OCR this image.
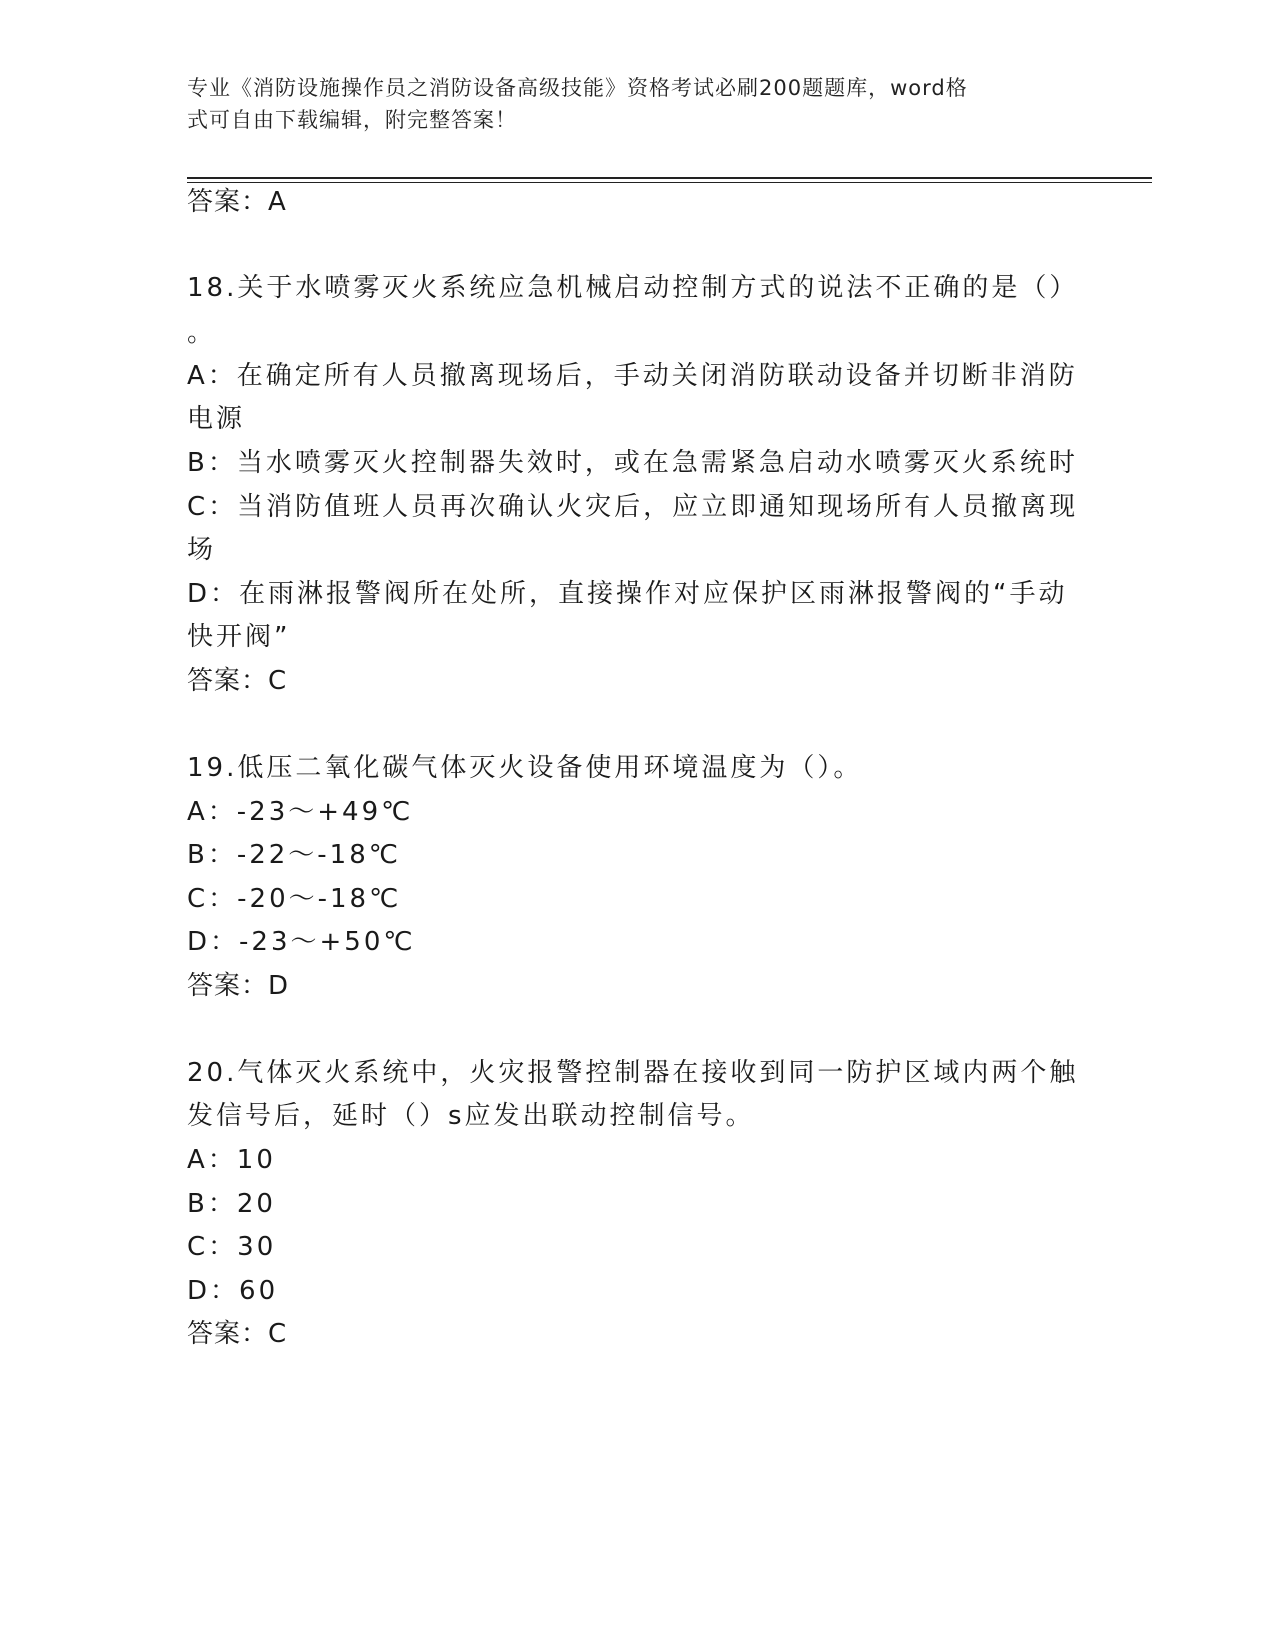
专业《消防设施操作员之消防设备高级技能》资格考试必刷200题题库，word格
式可自由下载编辑，附完整答案！
答案：A
18.关于水喷雾灭火系统应急机械启动控制方式的说法不正确的是（）
。
A：在确定所有人员撤离现场后，手动关闭消防联动设备并切断非消防
电源
B：当水喷雾灭火控制器失效时，或在急需紧急启动水喷雾灭火系统时
C：当消防值班人员再次确认火灾后，应立即通知现场所有人员撤离现
场
D：在雨淋报警阀所在处所，直接操作对应保护区雨淋报警阀的“手动
快开阀”
答案：C
19.低压二氧化碳气体灭火设备使用环境温度为（）。
A：-23～+49℃
B：-22～-18℃
C：-20～-18℃
D：-23～+50℃
答案：D
20.气体灭火系统中，火灾报警控制器在接收到同一防护区域内两个触
发信号后，延时（）s应发出联动控制信号。
A：10
B：20
C：30
D：60
答案：C
